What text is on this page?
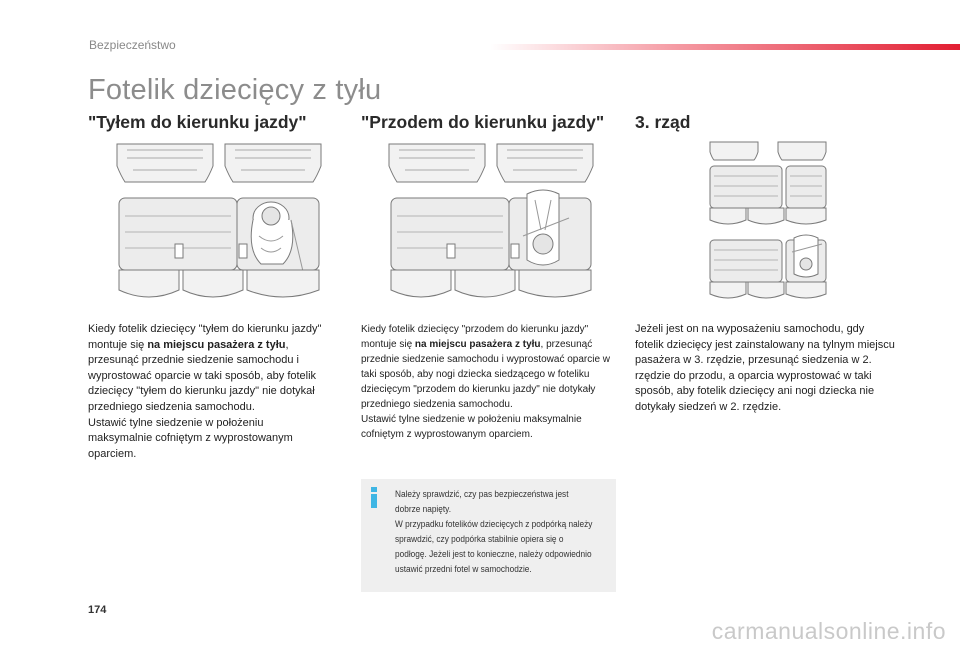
Bezpieczeństwo
Fotelik dziecięcy z tyłu
"Tyłem do kierunku jazdy"

Kiedy fotelik dziecięcy "tyłem do kierunku jazdy" montuje się na miejscu pasażera z tyłu, przesunąć przednie siedzenie samochodu i wyprostować oparcie w taki sposób, aby fotelik dziecięcy "tyłem do kierunku jazdy" nie dotykał przedniego siedzenia samochodu.

Ustawić tylne siedzenie w położeniu maksymalnie cofniętym z wyprostowanym oparciem.

"Przodem do kierunku jazdy"

Kiedy fotelik dziecięcy "przodem do kierunku jazdy" montuje się na miejscu pasażera z tyłu, przesunąć przednie siedzenie samochodu i wyprostować oparcie w taki sposób, aby nogi dziecka siedzącego w foteliku dziecięcym "przodem do kierunku jazdy" nie dotykały przedniego siedzenia samochodu.

Ustawić tylne siedzenie w położeniu maksymalnie cofniętym z wyprostowanym oparciem.

Należy sprawdzić, czy pas bezpieczeństwa jest dobrze napięty.

W przypadku fotelików dziecięcych z podpórką należy sprawdzić, czy podpórka stabilnie opiera się o podłogę. Jeżeli jest to konieczne, należy odpowiednio ustawić przedni fotel w samochodzie.

3. rząd

Jeżeli jest on na wyposażeniu samochodu, gdy fotelik dziecięcy jest zainstalowany na tylnym miejscu pasażera w 3. rzędzie, przesunąć siedzenia w 2. rzędzie do przodu, a oparcia wyprostować w taki sposób, aby fotelik dziecięcy ani nogi dziecka nie dotykały siedzeń w 2. rzędzie.

174
carmanualsonline.info
